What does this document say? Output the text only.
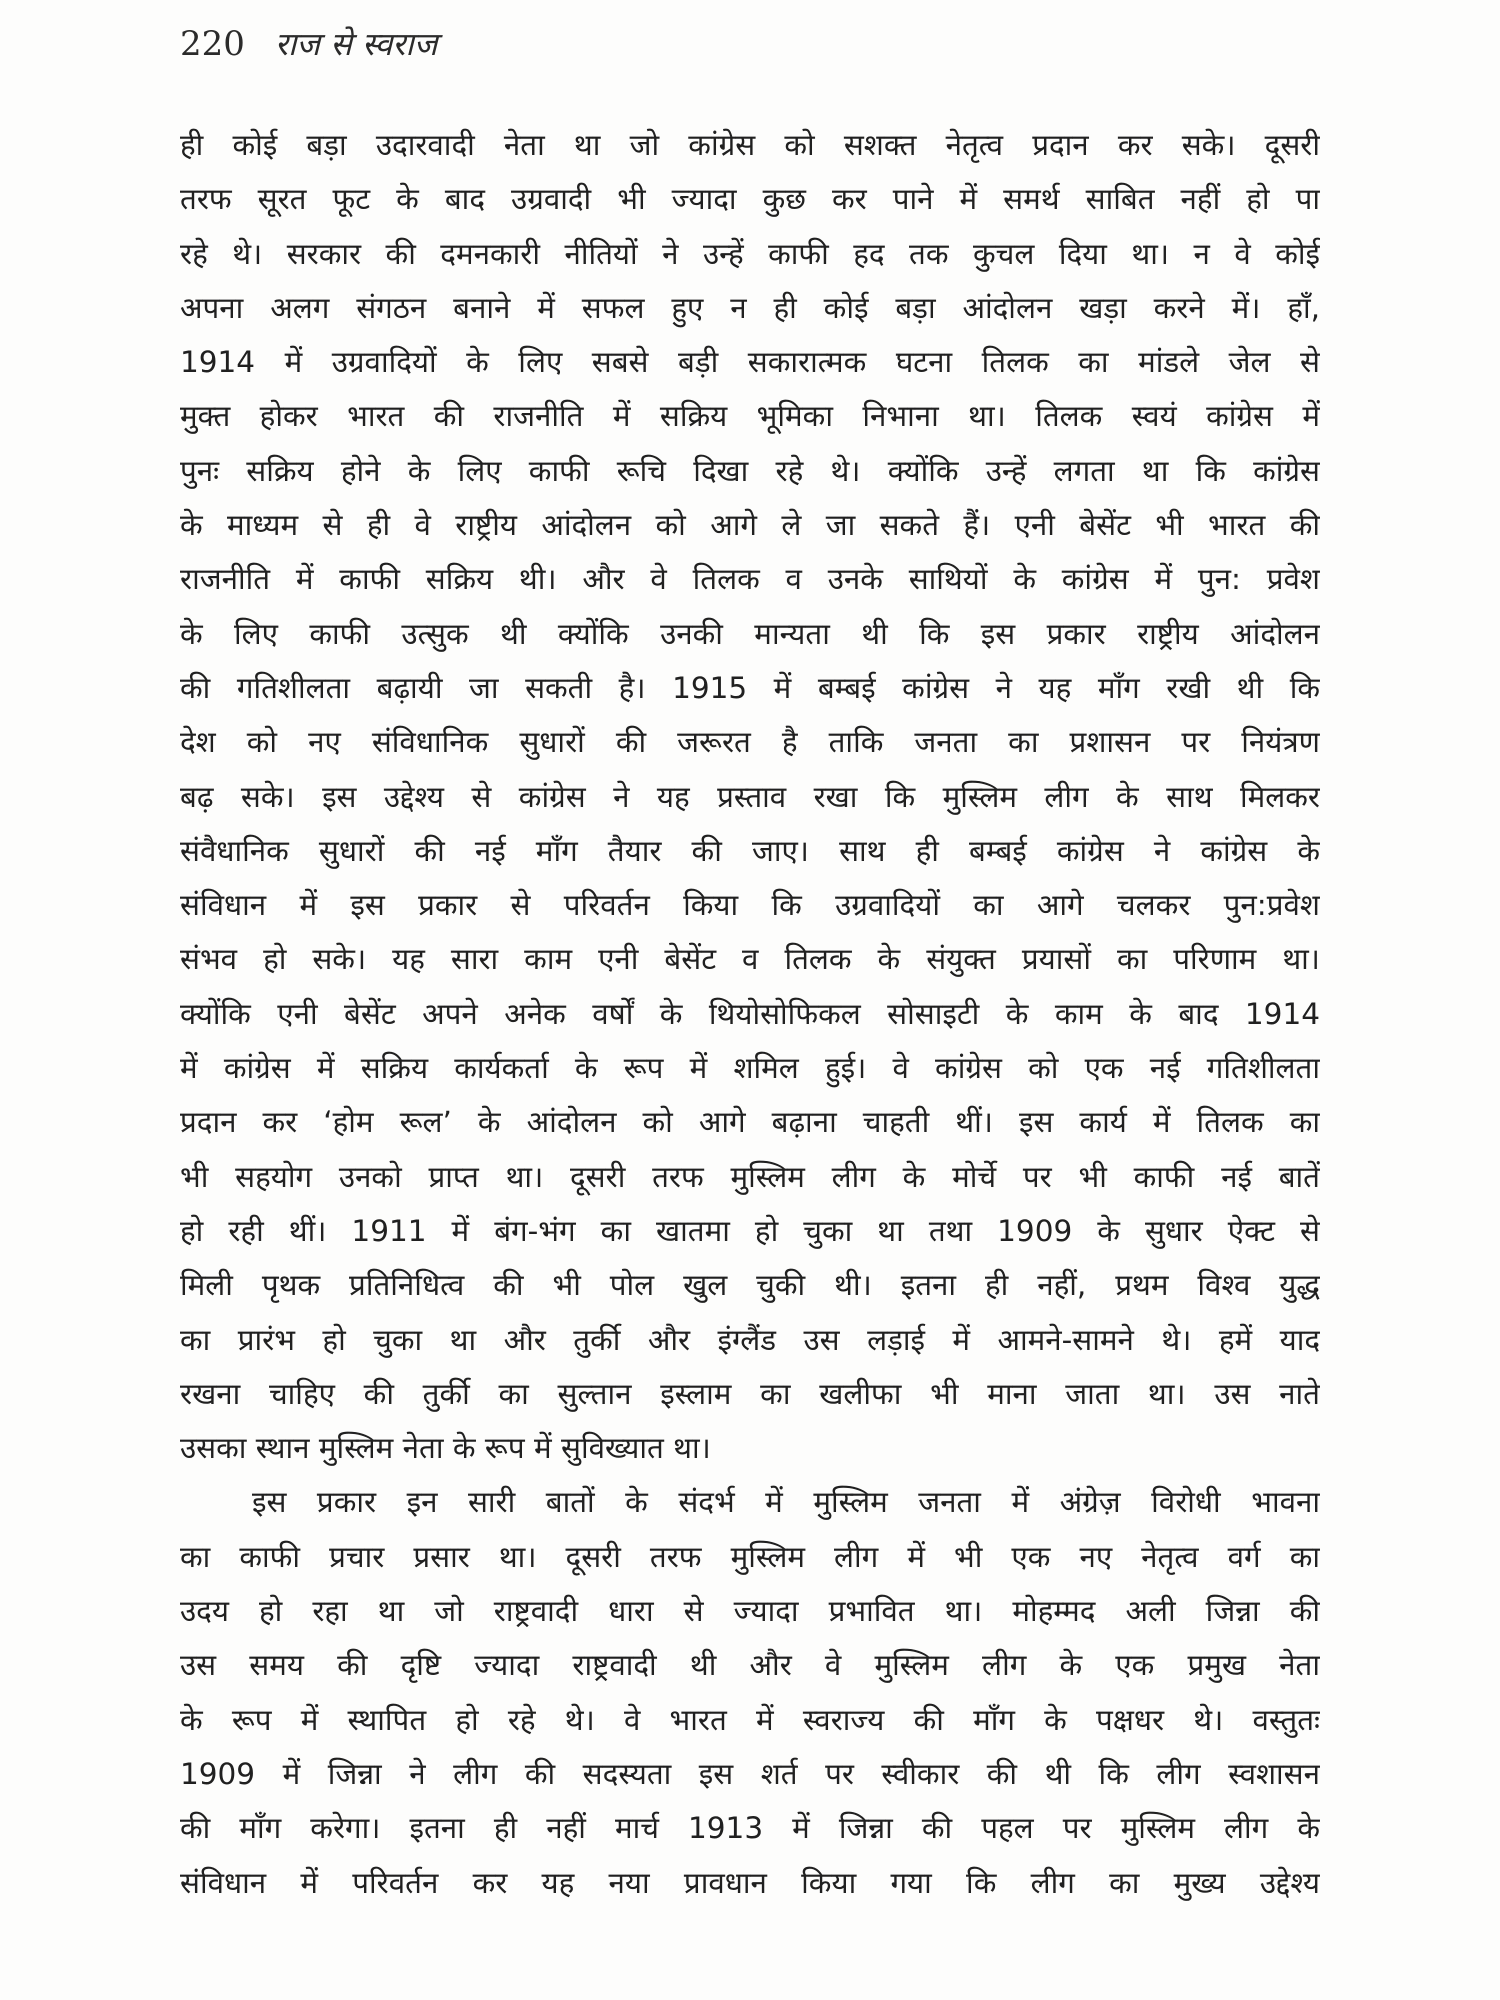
220 राज से स्वराज
ही कोई बड़ा उदारवादी नेता था जो कांग्रेस को सशक्त नेतृत्व प्रदान कर सके। दूसरी
तरफ सूरत फूट के बाद उग्रवादी भी ज्यादा कुछ कर पाने में समर्थ साबित नहीं हो पा
रहे थे। सरकार की दमनकारी नीतियों ने उन्हें काफी हद तक कुचल दिया था। न वे कोई
अपना अलग संगठन बनाने में सफल हुए न ही कोई बड़ा आंदोलन खड़ा करने में। हाँ,
1914 में उग्रवादियों के लिए सबसे बड़ी सकारात्मक घटना तिलक का मांडले जेल से
मुक्त होकर भारत की राजनीति में सक्रिय भूमिका निभाना था। तिलक स्वयं कांग्रेस में
पुनः सक्रिय होने के लिए काफी रूचि दिखा रहे थे। क्योंकि उन्हें लगता था कि कांग्रेस
के माध्यम से ही वे राष्ट्रीय आंदोलन को आगे ले जा सकते हैं। एनी बेसेंट भी भारत की
राजनीति में काफी सक्रिय थी। और वे तिलक व उनके साथियों के कांग्रेस में पुन: प्रवेश
के लिए काफी उत्सुक थी क्योंकि उनकी मान्यता थी कि इस प्रकार राष्ट्रीय आंदोलन
की गतिशीलता बढ़ायी जा सकती है। 1915 में बम्बई कांग्रेस ने यह माँग रखी थी कि
देश को नए संविधानिक सुधारों की जरूरत है ताकि जनता का प्रशासन पर नियंत्रण
बढ़ सके। इस उद्देश्य से कांग्रेस ने यह प्रस्ताव रखा कि मुस्लिम लीग के साथ मिलकर
संवैधानिक सुधारों की नई माँग तैयार की जाए। साथ ही बम्बई कांग्रेस ने कांग्रेस के
संविधान में इस प्रकार से परिवर्तन किया कि उग्रवादियों का आगे चलकर पुन:प्रवेश
संभव हो सके। यह सारा काम एनी बेसेंट व तिलक के संयुक्त प्रयासों का परिणाम था।
क्योंकि एनी बेसेंट अपने अनेक वर्षों के थियोसोफिकल सोसाइटी के काम के बाद 1914
में कांग्रेस में सक्रिय कार्यकर्ता के रूप में शमिल हुई। वे कांग्रेस को एक नई गतिशीलता
प्रदान कर ‘होम रूल’ के आंदोलन को आगे बढ़ाना चाहती थीं। इस कार्य में तिलक का
भी सहयोग उनको प्राप्त था। दूसरी तरफ मुस्लिम लीग के मोर्चे पर भी काफी नई बातें
हो रही थीं। 1911 में बंग-भंग का खातमा हो चुका था तथा 1909 के सुधार ऐक्ट से
मिली पृथक प्रतिनिधित्व की भी पोल खुल चुकी थी। इतना ही नहीं, प्रथम विश्व युद्ध
का प्रारंभ हो चुका था और तुर्की और इंग्लैंड उस लड़ाई में आमने-सामने थे। हमें याद
रखना चाहिए की तुर्की का सुल्तान इस्लाम का खलीफा भी माना जाता था। उस नाते
उसका स्थान मुस्लिम नेता के रूप में सुविख्यात था।
इस प्रकार इन सारी बातों के संदर्भ में मुस्लिम जनता में अंग्रेज़ विरोधी भावना
का काफी प्रचार प्रसार था। दूसरी तरफ मुस्लिम लीग में भी एक नए नेतृत्व वर्ग का
उदय हो रहा था जो राष्ट्रवादी धारा से ज्यादा प्रभावित था। मोहम्मद अली जिन्ना की
उस समय की दृष्टि ज्यादा राष्ट्रवादी थी और वे मुस्लिम लीग के एक प्रमुख नेता
के रूप में स्थापित हो रहे थे। वे भारत में स्वराज्य की माँग के पक्षधर थे। वस्तुतः
1909 में जिन्ना ने लीग की सदस्यता इस शर्त पर स्वीकार की थी कि लीग स्वशासन
की माँग करेगा। इतना ही नहीं मार्च 1913 में जिन्ना की पहल पर मुस्लिम लीग के
संविधान में परिवर्तन कर यह नया प्रावधान किया गया कि लीग का मुख्य उद्देश्य
